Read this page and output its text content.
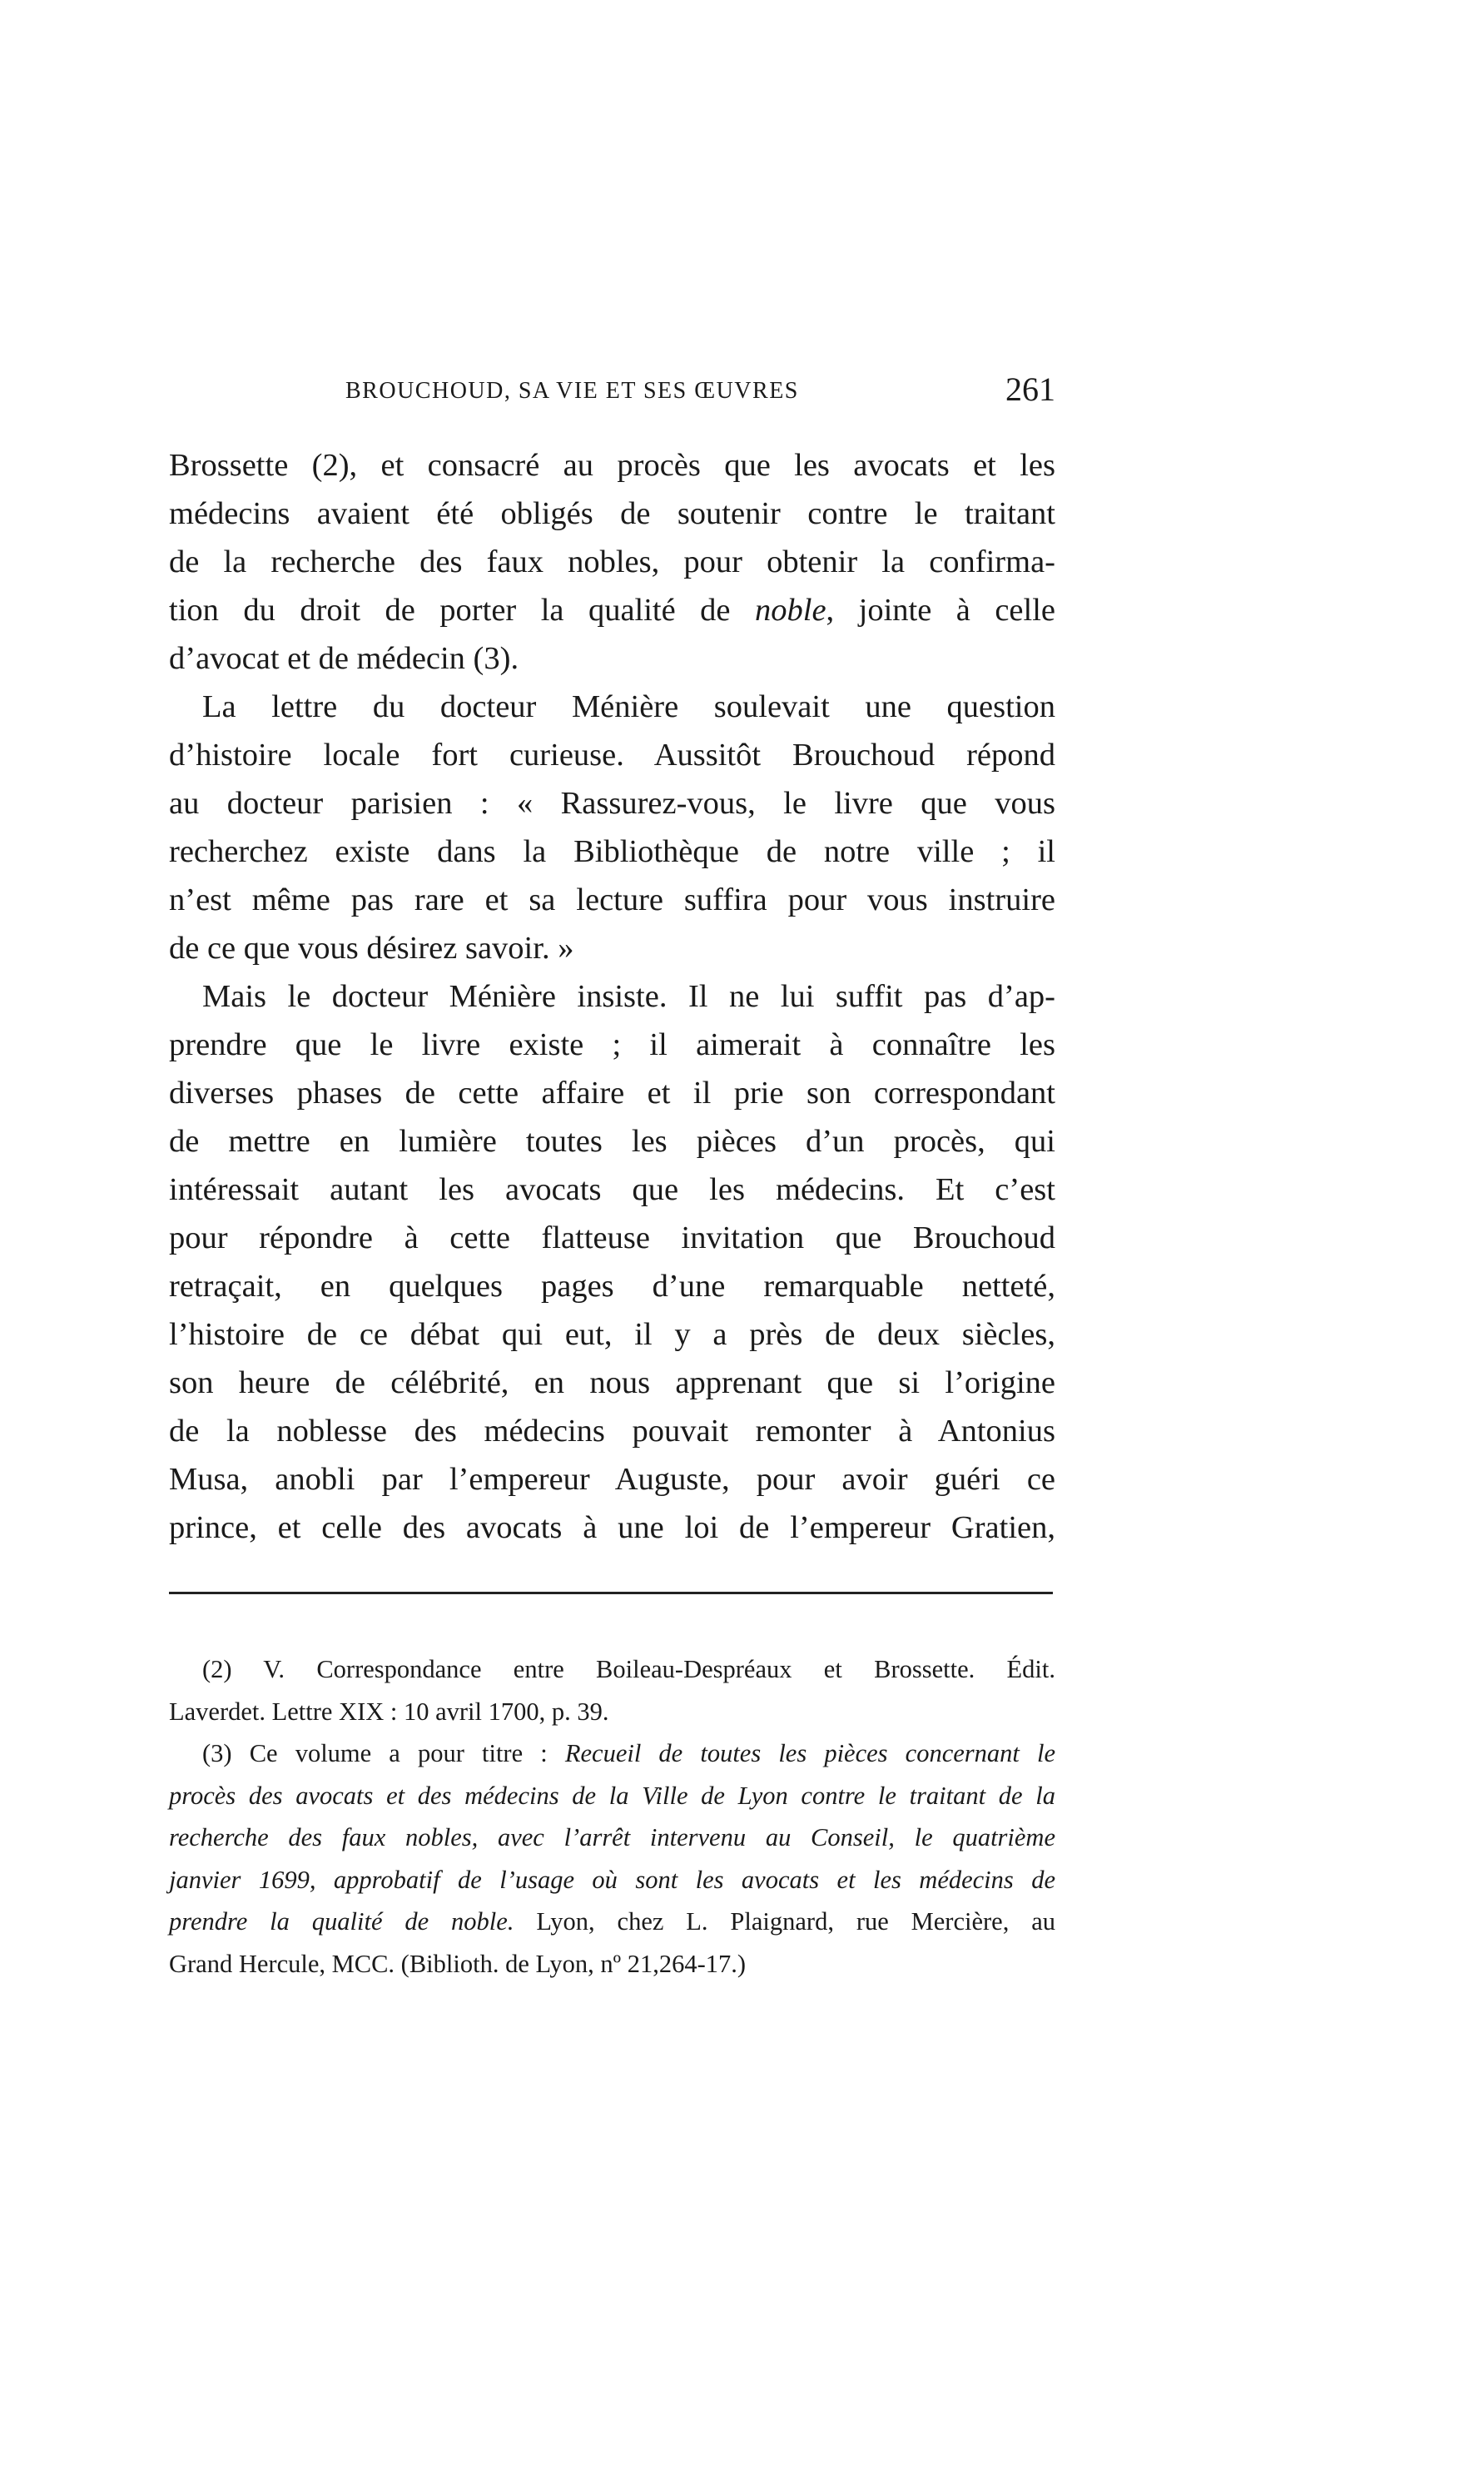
BROUCHOUD, SA VIE ET SES ŒUVRES	261
Brossette (2), et consacré au procès que les avocats et les
médecins avaient été obligés de soutenir contre le traitant
de la recherche des faux nobles, pour obtenir la confirma-
tion du droit de porter la qualité de noble, jointe à celle
d’avocat et de médecin (3).
La lettre du docteur Ménière soulevait une question
d’histoire locale fort curieuse. Aussitôt Brouchoud répond
au docteur parisien : « Rassurez-vous, le livre que vous
recherchez existe dans la Bibliothèque de notre ville ; il
n’est même pas rare et sa lecture suffira pour vous instruire
de ce que vous désirez savoir. »
Mais le docteur Ménière insiste. Il ne lui suffit pas d’ap-
prendre que le livre existe ; il aimerait à connaître les
diverses phases de cette affaire et il prie son correspondant
de mettre en lumière toutes les pièces d’un procès, qui
intéressait autant les avocats que les médecins. Et c’est
pour répondre à cette flatteuse invitation que Brouchoud
retraçait, en quelques pages d’une remarquable netteté,
l’histoire de ce débat qui eut, il y a près de deux siècles,
son heure de célébrité, en nous apprenant que si l’origine
de la noblesse des médecins pouvait remonter à Antonius
Musa, anobli par l’empereur Auguste, pour avoir guéri ce
prince, et celle des avocats à une loi de l’empereur Gratien,
(2) V. Correspondance entre Boileau-Despréaux et Brossette. Édit.
Laverdet. Lettre XIX : 10 avril 1700, p. 39.
(3) Ce volume a pour titre : Recueil de toutes les pièces concernant le
procès des avocats et des médecins de la Ville de Lyon contre le traitant de la
recherche des faux nobles, avec l’arrêt intervenu au Conseil, le quatrième
janvier 1699, approbatif de l’usage où sont les avocats et les médecins de
prendre la qualité de noble. Lyon, chez L. Plaignard, rue Mercière, au
Grand Hercule, MCC. (Biblioth. de Lyon, nº 21,264-17.)
